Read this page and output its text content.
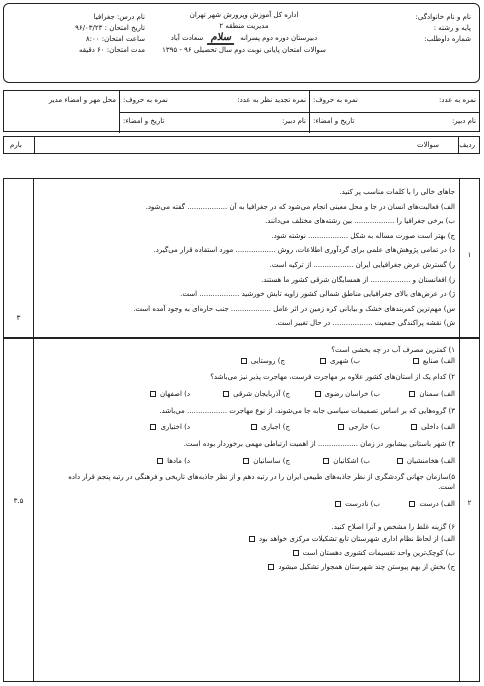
نام و نام خانوادگی:
پایه و رشته :
شماره داوطلب:
اداره کل آموزش وپرورش شهر تهران
مدیریت منطقه ۲
دبیرستان دوره دوم پسرانه سلام سعادت آباد
سوالات امتحان پایانی نوبت دوم سال تحصیلی ۹۶ - ۱۳۹۵
نام درس: جغرافیا
تاریخ امتحان : ۹۶/۰۳/۲۳
ساعت امتحان: ۸:۰۰
مدت امتحان: ۶۰ دقیقه
نمره به عدد:
نمره به حروف:
نام دبیر:
تاریخ و امضاء:
نمره تجدید نظر به عدد:
نمره به حروف:
نام دبیر:
تاریخ و امضاء:
محل مهر و امضاء مدیر
ردیف
سوالات
بارم
۱
۳
جاهای خالی را با کلمات مناسب پر کنید.
الف) فعالیت‌های انسان در جا و محل معینی انجام می‌شود که در جغرافیا به آن .................. گفته می‌شود.
ب) برخی جغرافیا را .................. بین رشته‌های مختلف می‌دانند.
ج) بهتر است صورت مساله به شکل .................. نوشته شود.
د) در تمامی پژوهش‌های علمی برای گردآوری اطلاعات، روش .................. مورد استفاده قرار می‌گیرد.
ر) گسترش عرض جغرافیایی ایران .................. از ترکیه است.
ز) افغانستان و .................. از همسایگان شرقی کشور ما هستند.
ژ) در عرض‌های بالای جغرافیایی مناطق شمالی کشور زاویه تابش خورشید .................. است.
س) مهم‌ترین کمربندهای خشک و بیابانی کره زمین در اثر عامل .................. جنب حاره‌ای به وجود آمده است.
ش) نقشه پراکندگی جمعیت .................. در حال تغییر است.
۲
۳.۵
۱) کمترین مصرف آب در چه بخشی است؟
الف) صنایع
ب) شهری
ج) روستایی
۲) کدام یک از استان‌های کشور علاوه بر مهاجرت فرست، مهاجرت پذیر نیز می‌باشد؟
الف) سمنان
ب) خراسان رضوی
ج) آذربایجان شرقی
د) اصفهان
۳) گروه‌هایی که بر اساس تصمیمات سیاسی جابه جا می‌شوند، از نوع مهاجرت .................. می‌باشد.
الف) داخلی
ب) خارجی
ج) اجباری
د) اختیاری
۴) شهر باستانی بیشابور در زمان .................. از اهمیت ارتباطی مهمی برخوردار بوده است.
الف) هخامنشیان
ب) اشکانیان
ج) ساسانیان
د) مادها
۵)سازمان جهانی گردشگری از نظر جاذبه‌های طبیعی ایران را در رتبه دهم و از نظر جاذبه‌های تاریخی و فرهنگی در رتبه پنجم قرار داده
است.
الف) درست
ب) نادرست
۶) گزینه غلط را مشخص و آنرا اصلاح کنید.
الف) از لحاظ نظام اداری شهرستان تابع تشکیلات مرکزی خواهد بود
ب) کوچک‌ترین واحد تقسیمات کشوری دهستان است
ج) بخش از بهم پیوستن چند شهرستان همجوار تشکیل میشود
